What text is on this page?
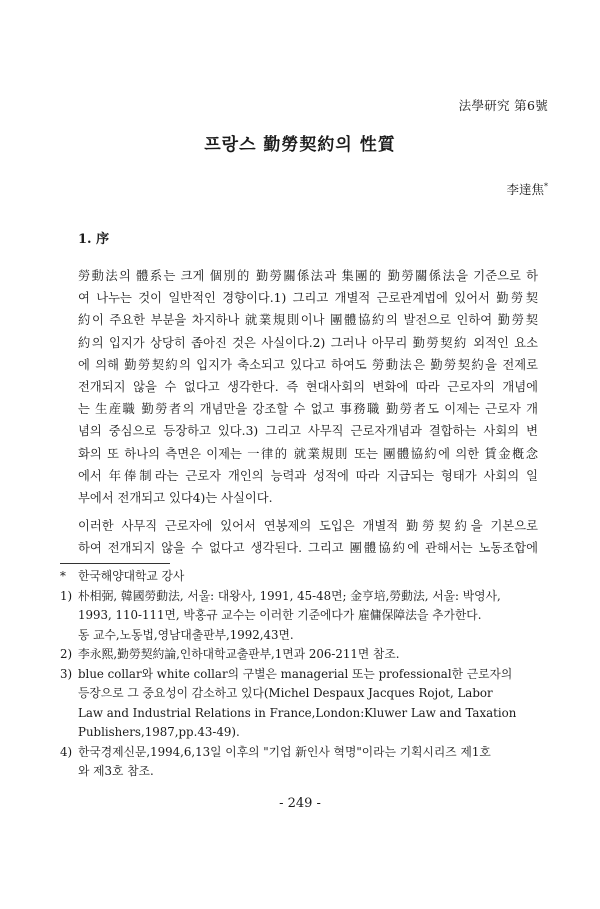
法學研究 第6號
프랑스 勤勞契約의 性質
李達焦*
1. 序
勞動法의 體系는 크게 個別的 勤勞關係法과 集團的 勤勞關係法을 기준으로 하
여 나누는 것이 일반적인 경향이다.1) 그리고 개별적 근로관계법에 있어서 勤勞契
約이 주요한 부분을 차지하나 就業規則이나 團體協約의 발전으로 인하여 勤勞契
約의 입지가 상당히 좁아진 것은 사실이다.2) 그러나 아무리 勤勞契約 외적인 요소
에 의해 勤勞契約의 입지가 축소되고 있다고 하여도 勞動法은 勤勞契約을 전제로
전개되지 않을 수 없다고 생각한다. 즉 현대사회의 변화에 따라 근로자의 개념에
는 生産職 勤勞者의 개념만을 강조할 수 없고 事務職 勤勞者도 이제는 근로자 개
념의 중심으로 등장하고 있다.3) 그리고 사무직 근로자개념과 결합하는 사회의 변
화의 또 하나의 측면은 이제는 一律的 就業規則 또는 團體協約에 의한 賃金槪念
에서 年俸制라는 근로자 개인의 능력과 성적에 따라 지급되는 형태가 사회의 일
부에서 전개되고 있다4)는 사실이다.
이러한 사무직 근로자에 있어서 연봉제의 도입은 개별적 勤勞契約을 기본으로
하여 전개되지 않을 수 없다고 생각된다. 그리고 團體協約에 관해서는 노동조합에
*	한국해양대학교 강사
1) 朴相弼, 韓國勞動法, 서울: 대왕사, 1991, 45-48면; 金亨培,勞動法, 서울: 박영사,
1993, 110-111면, 박홍규 교수는 이러한 기준에다가 雇傭保障法을 추가한다.
동 교수,노동법,영남대출판부,1992,43면.
2) 李永熙,勤勞契約論,인하대학교출판부,1면과 206-211면 참조.
3) blue collar와 white collar의 구별은 managerial 또는 professional한 근로자의
등장으로 그 중요성이 감소하고 있다(Michel Despaux Jacques Rojot, Labor
Law and Industrial Relations in France,London:Kluwer Law and Taxation
Publishers,1987,pp.43-49).
4) 한국경제신문,1994,6,13일 이후의 "기업 新인사 혁명"이라는 기획시리즈 제1호
와 제3호 참조.
- 249 -
